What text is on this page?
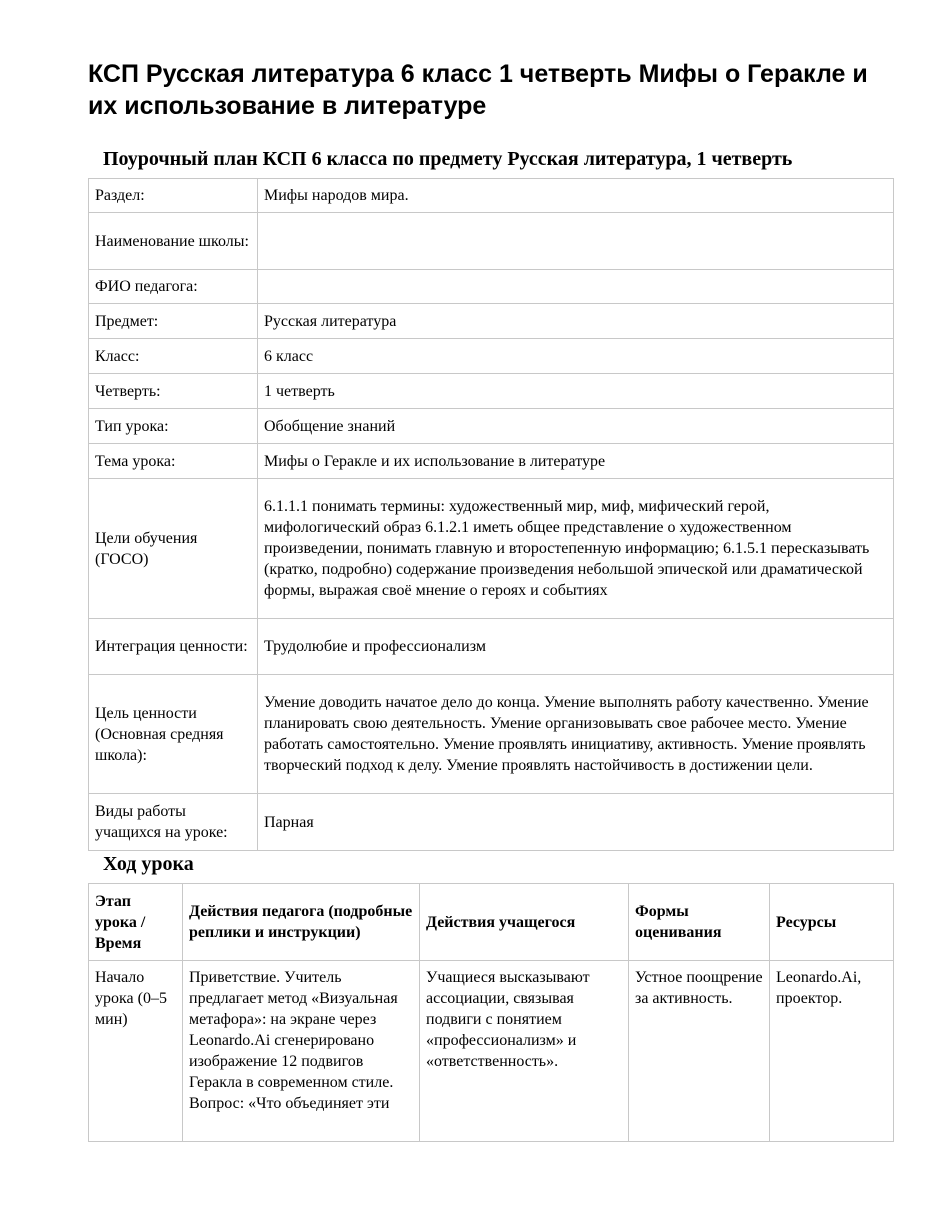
КСП Русская литература 6 класс 1 четверть Мифы о Геракле и их использование в литературе
Поурочный план КСП 6 класса по предмету Русская литература, 1 четверть
Раздел:	Мифы народов мира.
Наименование школы:	
ФИО педагога:	
Предмет:	Русская литература
Класс:	6 класс
Четверть:	1 четверть
Тип урока:	Обобщение знаний
Тема урока:	Мифы о Геракле и их использование в литературе
Цели обучения (ГОСО)	6.1.1.1 понимать термины: художественный мир, миф, мифический герой, мифологический образ 6.1.2.1 иметь общее представление о художественном произведении, понимать главную и второстепенную информацию; 6.1.5.1 пересказывать (кратко, подробно) содержание произведения небольшой эпической или драматической формы, выражая своё мнение о героях и событиях
Интеграция ценности:	Трудолюбие и профессионализм
Цель ценности (Основная средняя школа):	Умение доводить начатое дело до конца. Умение выполнять работу качественно. Умение планировать свою деятельность. Умение организовывать свое рабочее место. Умение работать самостоятельно. Умение проявлять инициативу, активность. Умение проявлять творческий подход к делу. Умение проявлять настойчивость в достижении цели.
Виды работы учащихся на уроке:	Парная
Ход урока
Этап урока / Время	Действия педагога (подробные реплики и инструкции)	Действия учащегося	Формы оценивания	Ресурсы

Начало урока (0–5 мин)	Приветствие. Учитель предлагает метод «Визуальная метафора»: на экране через Leonardo.Ai сгенерировано изображение 12 подвигов Геракла в современном стиле. Вопрос: «Что объединяет эти	Учащиеся высказывают ассоциации, связывая подвиги с понятием «профессионализм» и «ответственность».	Устное поощрение за активность.	Leonardo.Ai, проектор.
